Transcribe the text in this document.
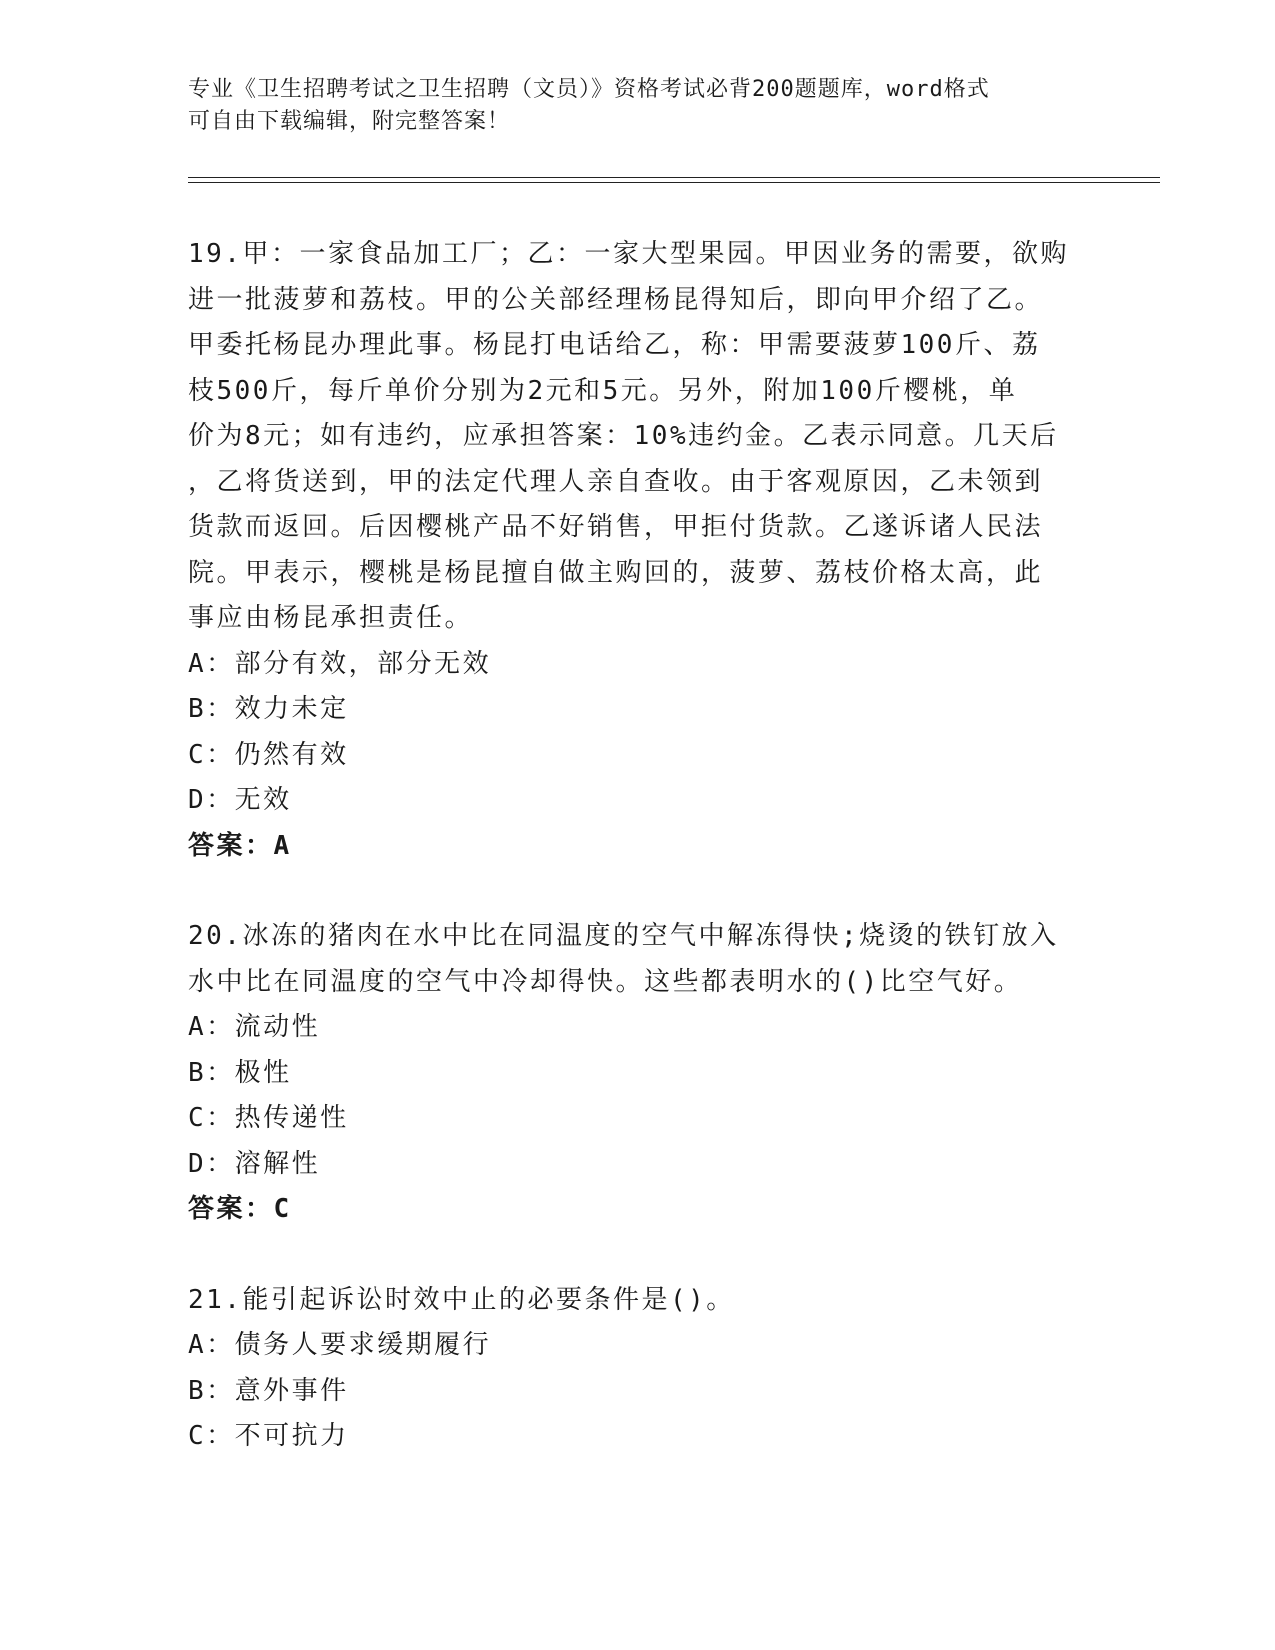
专业《卫生招聘考试之卫生招聘（文员）》资格考试必背200题题库，word格式
可自由下载编辑，附完整答案！
19.甲：一家食品加工厂；乙：一家大型果园。甲因业务的需要，欲购
进一批菠萝和荔枝。甲的公关部经理杨昆得知后，即向甲介绍了乙。
甲委托杨昆办理此事。杨昆打电话给乙，称：甲需要菠萝100斤、荔
枝500斤，每斤单价分别为2元和5元。另外，附加100斤樱桃，单
价为8元；如有违约，应承担答案：10%违约金。乙表示同意。几天后
，乙将货送到，甲的法定代理人亲自查收。由于客观原因，乙未领到
货款而返回。后因樱桃产品不好销售，甲拒付货款。乙遂诉诸人民法
院。甲表示，樱桃是杨昆擅自做主购回的，菠萝、荔枝价格太高，此
事应由杨昆承担责任。
A：部分有效，部分无效
B：效力未定
C：仍然有效
D：无效
答案：A
20.冰冻的猪肉在水中比在同温度的空气中解冻得快;烧烫的铁钉放入
水中比在同温度的空气中冷却得快。这些都表明水的()比空气好。
A：流动性
B：极性
C：热传递性
D：溶解性
答案：C
21.能引起诉讼时效中止的必要条件是()。
A：债务人要求缓期履行
B：意外事件
C：不可抗力
